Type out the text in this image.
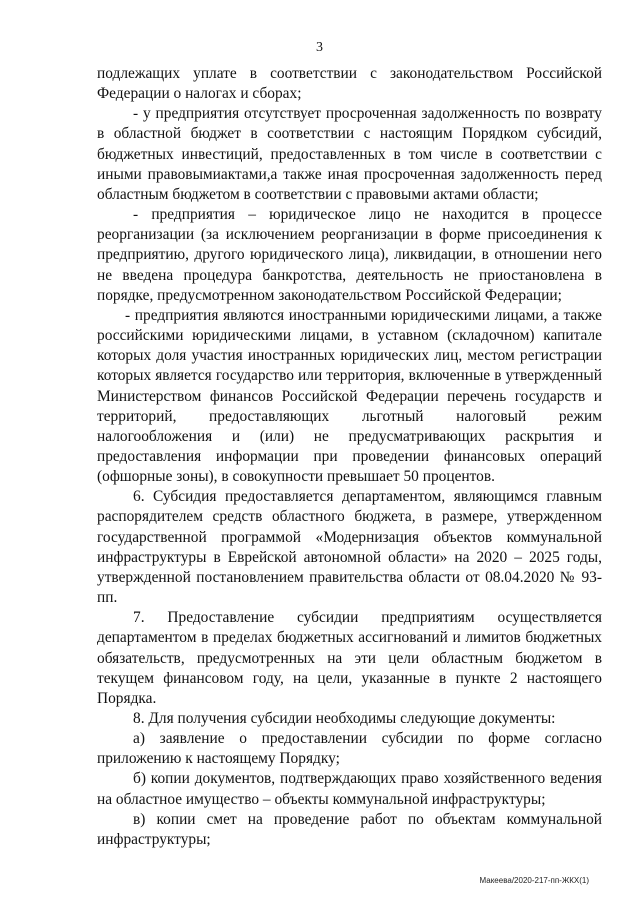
3

подлежащих уплате в соответствии с законодательством Российской Федерации о налогах и сборах;

- у предприятия отсутствует просроченная задолженность по возврату в областной бюджет в соответствии с настоящим Порядком субсидий, бюджетных инвестиций, предоставленных в том числе в соответствии с иными правовымиактами,а также иная просроченная задолженность перед областным бюджетом в соответствии с правовыми актами области;

- предприятия – юридическое лицо не находится в процессе реорганизации (за исключением реорганизации в форме присоединения к предприятию, другого юридического лица), ликвидации, в отношении него не введена процедура банкротства, деятельность не приостановлена в порядке, предусмотренном законодательством Российской Федерации;

- предприятия являются иностранными юридическими лицами, а также российскими юридическими лицами, в уставном (складочном) капитале которых доля участия иностранных юридических лиц, местом регистрации которых является государство или территория, включенные в утвержденный Министерством финансов Российской Федерации перечень государств и территорий, предоставляющих льготный налоговый режим налогообложения и (или) не предусматривающих раскрытия и предоставления информации при проведении финансовых операций (офшорные зоны), в совокупности превышает 50 процентов.

6. Субсидия предоставляется департаментом, являющимся главным распорядителем средств областного бюджета, в размере, утвержденном государственной программой «Модернизация объектов коммунальной инфраструктуры в Еврейской автономной области» на 2020 – 2025 годы, утвержденной постановлением правительства области от 08.04.2020 № 93-пп.

7. Предоставление субсидии предприятиям осуществляется департаментом в пределах бюджетных ассигнований и лимитов бюджетных обязательств, предусмотренных на эти цели областным бюджетом в текущем финансовом году, на цели, указанные в пункте 2 настоящего Порядка.

8. Для получения субсидии необходимы следующие документы:

а) заявление о предоставлении субсидии по форме согласно приложению к настоящему Порядку;

б) копии документов, подтверждающих право хозяйственного ведения на областное имущество – объекты коммунальной инфраструктуры;

в) копии смет на проведение работ по объектам коммунальной инфраструктуры;

Макеева/2020-217-пп-ЖКХ(1)
